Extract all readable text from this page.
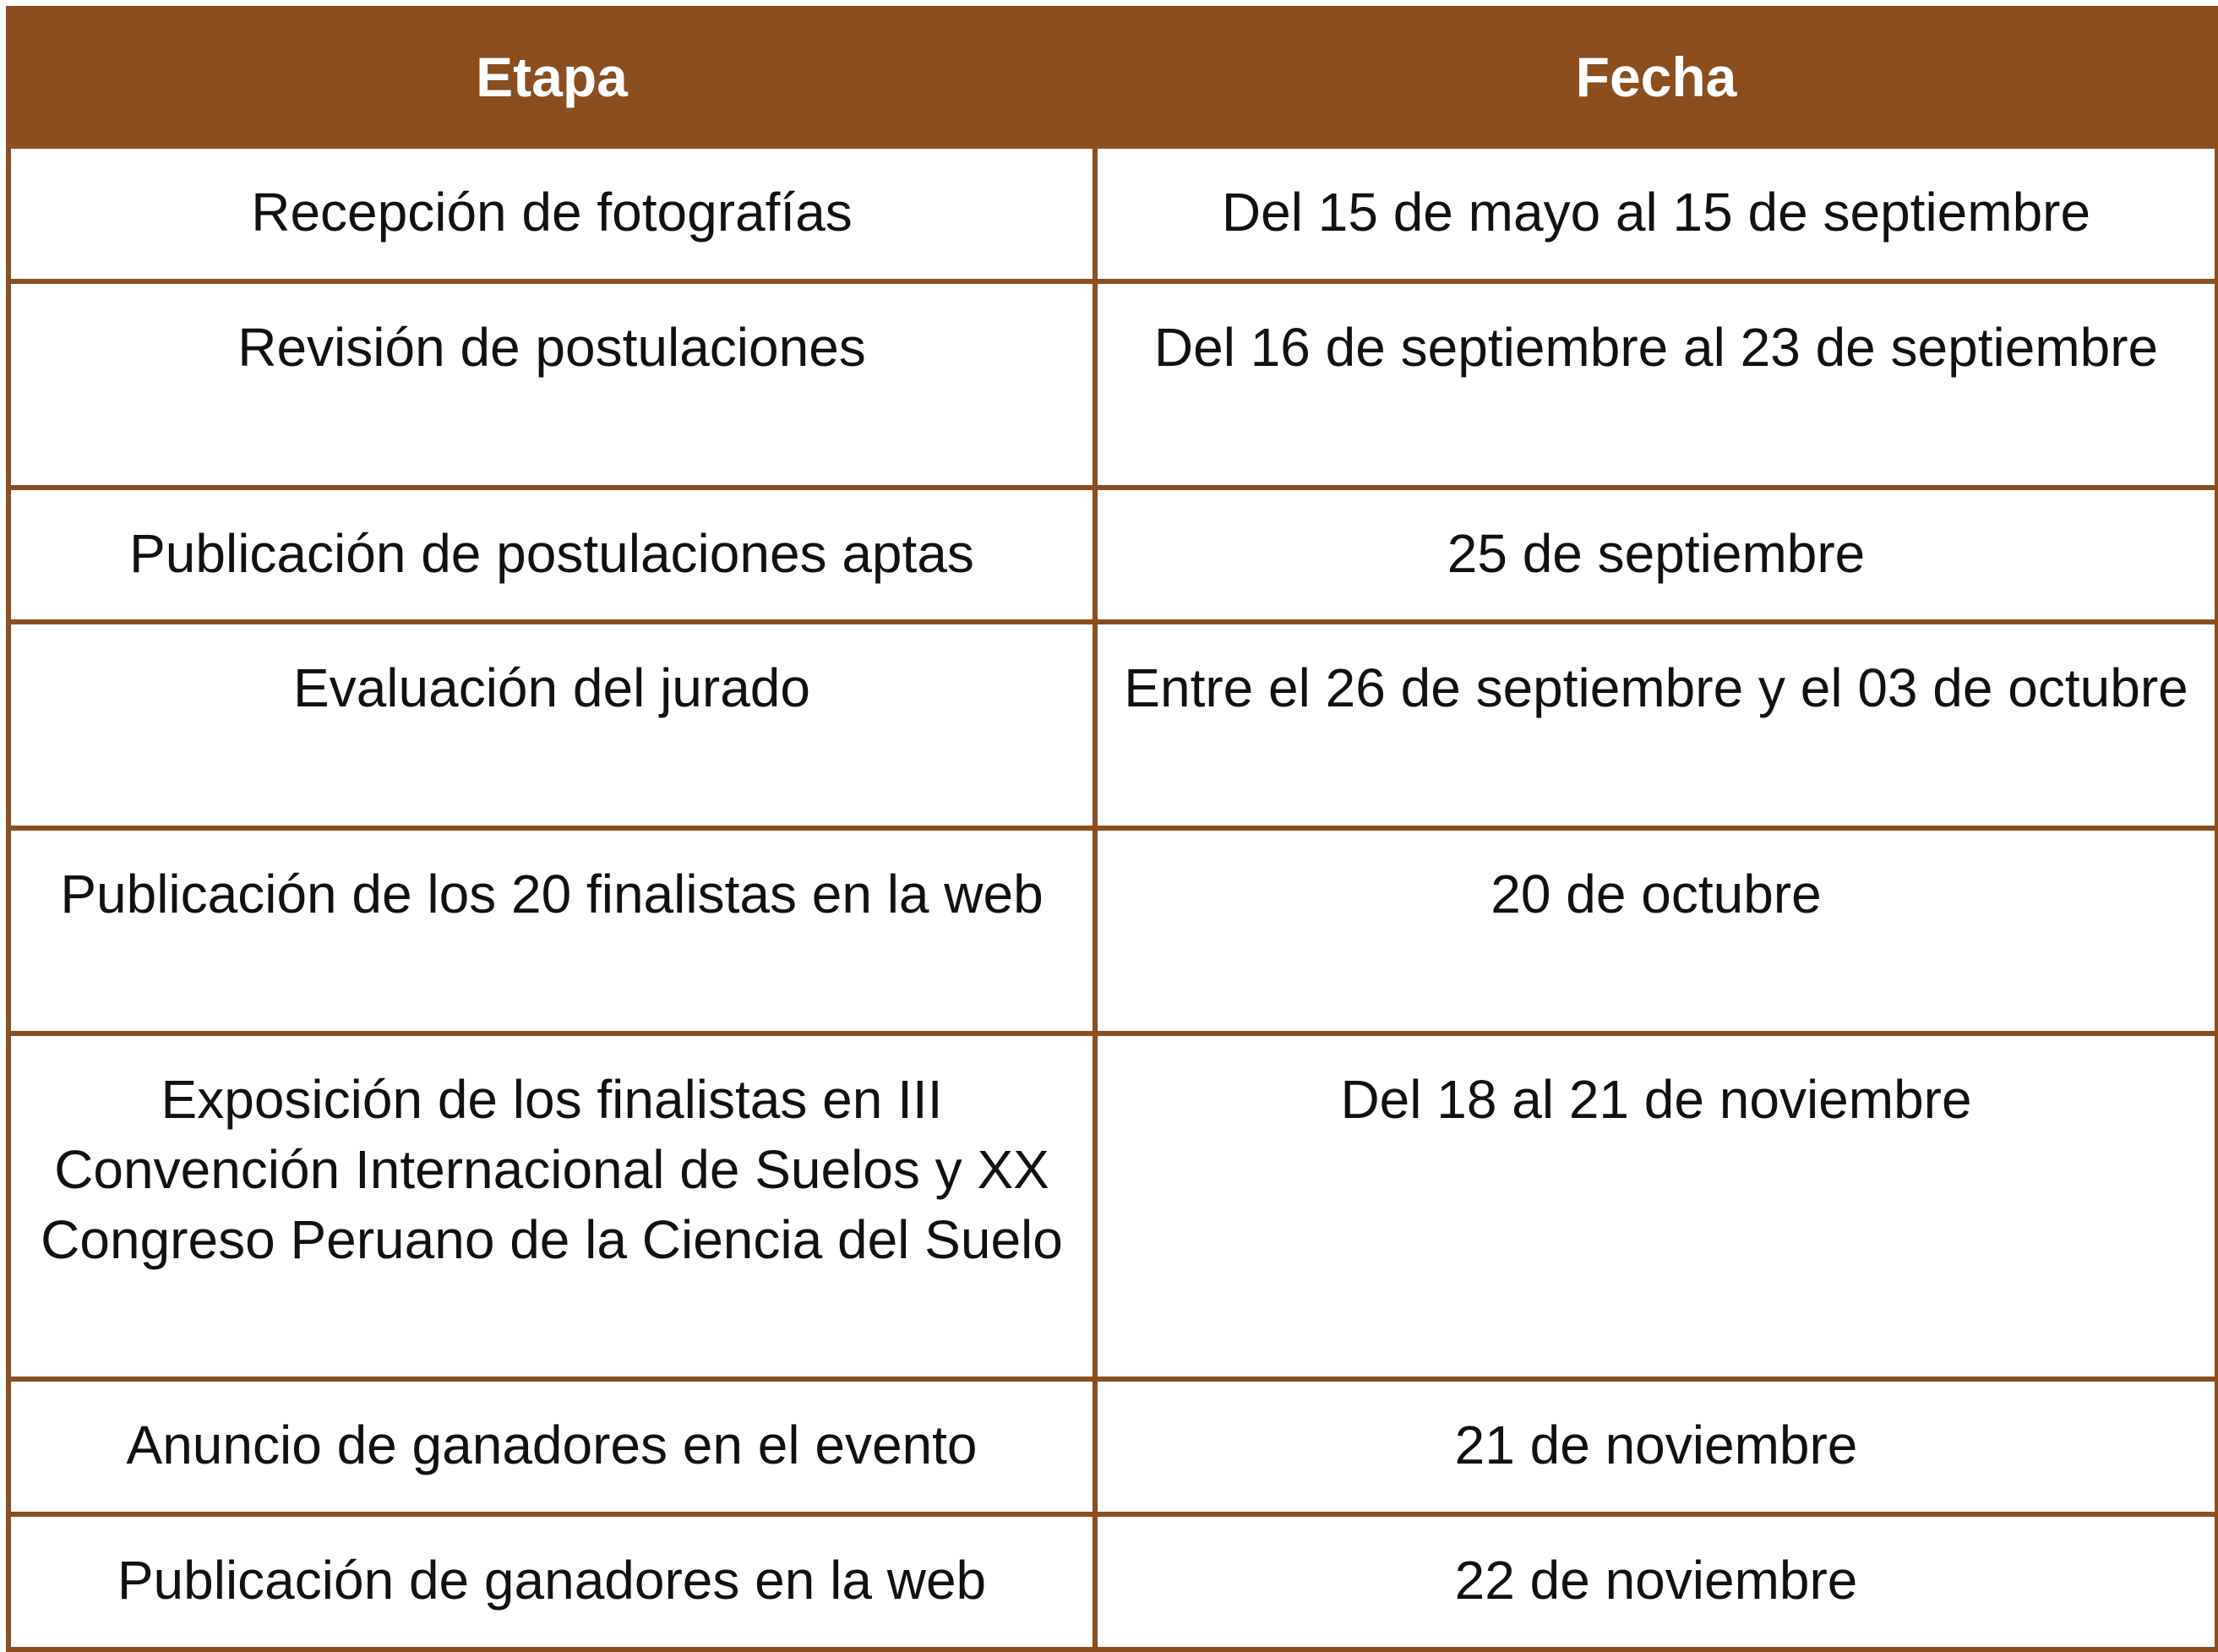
Etapa	Fecha
Recepción de fotografías	Del 15 de mayo al 15 de septiembre
Revisión de postulaciones	Del 16 de septiembre al 23 de septiembre
Publicación de postulaciones aptas	25 de septiembre
Evaluación del jurado	Entre el 26 de septiembre y el 03 de octubre
Publicación de los 20 finalistas en la web	20 de octubre
Exposición de los finalistas en III Convención Internacional de Suelos y XX Congreso Peruano de la Ciencia del Suelo	Del 18 al 21 de noviembre
Anuncio de ganadores en el evento	21 de noviembre
Publicación de ganadores en la web	22 de noviembre
